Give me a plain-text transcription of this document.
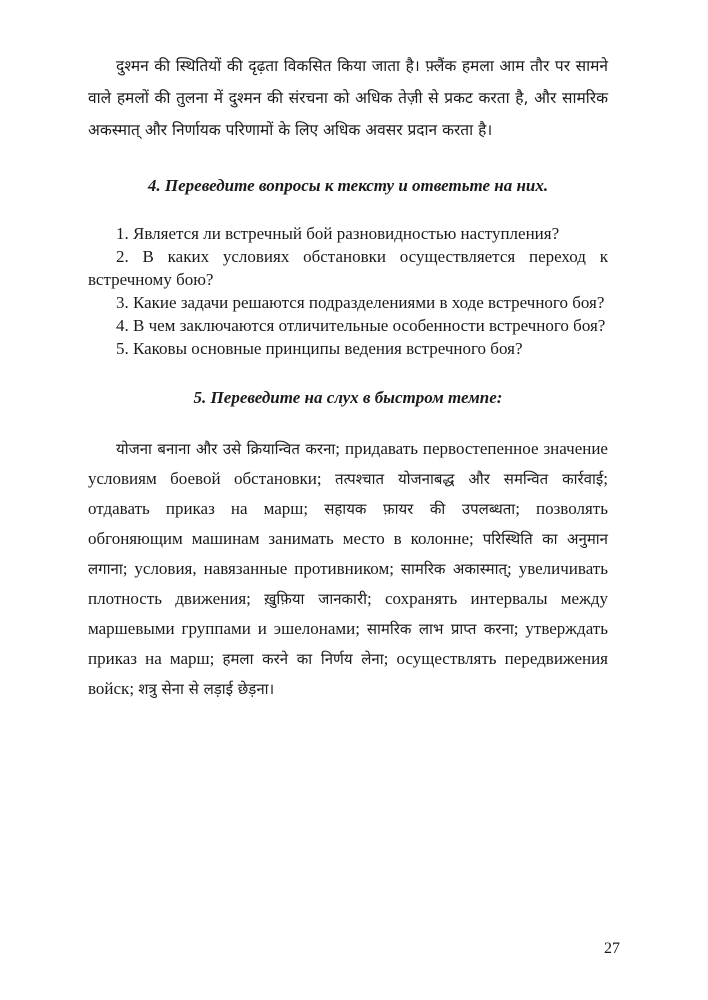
दुश्मन की स्थितियों की दृढ़ता विकसित किया जाता है। फ़्लैंक हमला आम तौर पर सामने वाले हमलों की तुलना में दुश्मन की संरचना को अधिक तेज़ी से प्रकट करता है, और सामरिक अकस्मात् और निर्णायक परिणामों के लिए अधिक अवसर प्रदान करता है।

4. Переведите вопросы к тексту и ответьте на них.

1. Является ли встречный бой разновидностью наступления?
2. В каких условиях обстановки осуществляется переход к встречному бою?
3. Какие задачи решаются подразделениями в ходе встречного боя?
4. В чем заключаются отличительные особенности встречного боя?
5. Каковы основные принципы ведения встречного боя?

5. Переведите на слух в быстром темпе:

योजना बनाना और उसे क्रियान्वित करना; придавать первостепенное значение условиям боевой обстановки; तत्पश्चात योजनाबद्ध और समन्वित कार्रवाई; отдавать приказ на марш; सहायक फ़ायर की उपलब्धता; позволять обгоняющим машинам занимать место в колонне; परिस्थिति का अनुमान लगाना; условия, навязанные противником; सामरिक अकास्मात्; увеличивать плотность движения; ख़ुफ़िया जानकारी; сохранять интервалы между маршевыми группами и эшелонами; सामरिक लाभ प्राप्त करना; утверждать приказ на марш; हमला करने का निर्णय लेना; осуществлять передвижения войск; शत्रु सेना से लड़ाई छेड़ना।

27
